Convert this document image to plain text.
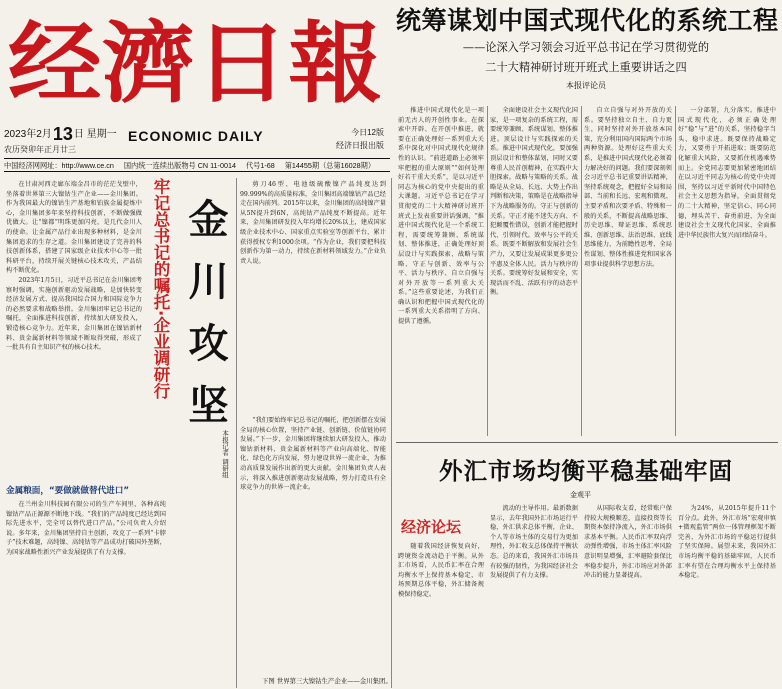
经濟日報
2023年2月13日 星期一
农历癸卯年正月廿三
ECONOMIC DAILY	今日12版
经济日报出版
中国经济网网址：http://www.ce.cn 国内统一连续出版物号 CN 11-0014 代号1-68 第14455期（总第16028期）
统筹谋划中国式现代化的系统工程
——论深入学习领会习近平总书记在学习贯彻党的
二十大精神研讨班开班式上重要讲话之四
本报评论员

推进中国式现代化是一项前无古人的开创性事业。在探索中开辟、在开创中推进，就要在正确处理好一系列重大关系中深化对中国式现代化规律性的认识。“前进道路上必须牢牢把握的重大原则”“如何处理好若干重大关系”，是以习近平同志为核心的党中央提出的重大课题。习近平总书记在学习贯彻党的二十大精神研讨班开班式上发表重要讲话强调，“推进中国式现代化是一个系统工程，需要统筹兼顾、系统谋划、整体推进，正确处理好顶层设计与实践探索、战略与策略、守正与创新、效率与公平、活力与秩序、自立自强与对外开放等一系列重大关系。”这些重要论述，为我们正确认识和把握中国式现代化的一系列重大关系指明了方向、提供了遵循。

全面建设社会主义现代化国家，是一项复杂的系统工程，需要统筹兼顾、系统谋划、整体推进。顶层设计与实践探索的关系。推进中国式现代化，要加强顶层设计和整体谋划，同时又要尊重人民首创精神，在实践中大胆探索。战略与策略的关系。战略是从全局、长远、大势上作出判断和决策，策略是在战略指导下为战略服务的。守正与创新的关系。守正才能不迷失方向、不犯颠覆性错误，创新才能把握时代、引领时代。效率与公平的关系。既要不断解放和发展社会生产力，又要让发展成果更多更公平惠及全体人民。活力与秩序的关系。要统筹好发展和安全，实现活而不乱、活跃有序的动态平衡。

自立自强与对外开放的关系。要坚持独立自主、自力更生，同时坚持对外开放基本国策，充分利用国内国际两个市场两种资源。处理好这些重大关系，是推进中国式现代化必须着力解决好的问题。我们要深刻领会习近平总书记重要讲话精神，坚持系统观念，把握好全局和局部、当前和长远、宏观和微观、主要矛盾和次要矛盾、特殊和一般的关系，不断提高战略思维、历史思维、辩证思维、系统思维、创新思维、法治思维、底线思维能力，为前瞻性思考、全局性谋划、整体性推进党和国家各项事业提供科学思想方法。

一分部署，九分落实。推进中国式现代化，必须正确处理好“稳”与“进”的关系，坚持稳字当头、稳中求进。既要保持战略定力，又要勇于开拓进取；既要防范化解重大风险，又要抓住机遇乘势而上。全党同志要更加紧密地团结在以习近平同志为核心的党中央周围，坚持以习近平新时代中国特色社会主义思想为指导，全面贯彻党的二十大精神，坚定信心、同心同德，埋头苦干、奋勇前进，为全面建设社会主义现代化国家、全面推进中华民族伟大复兴而团结奋斗。

牢记总书记的嘱托·企业调研行 金川攻坚
本报记者 调研组

在甘肃河西走廊东端金昌市的茫茫戈壁中，坐落着世界第三大镍钴生产企业——金川集团。作为我国最大的镍钴生产基地和铂族金属提炼中心，金川集团多年来坚持科技创新，不断做强做优做大。让“镍都”明珠更加闪亮，是几代金川人的使命。让金属产品行业出现多种材料，是金川集团追求的生存之道。金川集团建设了完善的科技创新体系，搭建了国家级企业技术中心等一批科研平台，持续开展关键核心技术攻关，产品结构不断优化。

2023年1月5日，习近平总书记在金川集团考察时强调，实施创新驱动发展战略，是加快转变经济发展方式、提高我国综合国力和国际竞争力的必然要求和战略举措。金川集团牢记总书记的嘱托，全面推进科技创新，持续加大研发投入，锻造核心竞争力。近年来，金川集团在镍钴新材料、贵金属新材料等领域不断取得突破，形成了一批具有自主知识产权的核心技术。

金属粮面，“要做就做替代进口”

在兰州金川科技园有限公司的生产车间里，各种高纯镍钴产品正源源不断地下线。“我们的产品纯度已经达到国际先进水平，完全可以替代进口产品。”公司负责人介绍说。多年来，金川集团坚持自主创新，攻克了一系列“卡脖子”技术难题，高纯镍、高纯钴等产品成功打破国外垄断，为国家战略性新兴产业发展提供了有力支撑。

剪刀46型、电池级硫酸镍产品纯度达到99.999%的高质量标准，金川集团高端镍钴产品已经走在国内前列。2015年以来，金川集团的高纯镍产量从5N提升到6N，高纯钴产品纯度不断提高。近年来，金川集团研发投入年均增长20%以上，建成国家级企业技术中心、国家重点实验室等创新平台，累计获得授权专利1000余项。“作为企业，我们要把科技创新作为第一动力，持续在新材料领域发力。”企业负责人说。

“我们要始终牢记总书记的嘱托，把创新摆在发展全局的核心位置，坚持产业链、创新链、价值链协同发展。”下一步，金川集团将继续加大研发投入，推动镍钴新材料、贵金属新材料等产业向高端化、智能化、绿色化方向发展，努力建设世界一流企业，为推动高质量发展作出新的更大贡献。金川集团负责人表示，将深入推进创新驱动发展战略，努力打造具有全球竞争力的世界一流企业。

下图 世界第三大镍钴生产企业——金川集团。
外汇市场均衡平稳基础牢固
金观平
经济论坛

随着我国经济恢复向好，跨境资金流动趋于平衡。从外汇市场看，人民币汇率在合理均衡水平上保持基本稳定，市场预期总体平稳，外汇储备规模保持稳定。

流动的主导作用。最新数据显示，去年我国外汇市场运行平稳，外汇供求总体平衡，企业、个人等市场主体的交易行为更加理性，外汇收支总体保持平衡状态。总的来看，我国外汇市场具有较强的韧性，为我国经济社会发展提供了有力支撑。

从国际收支看，经常账户保持较大规模顺差，直接投资等长期资本保持净流入，外汇市场供求基本平衡。人民币汇率双向浮动弹性增强，市场主体汇率风险意识明显增强，汇率避险套保比率稳步提升，外汇市场应对外部冲击的能力显著提高。

为24%，从2015年提升11个百分点。此外，外汇市场“宏观审慎+微观监管”两位一体管理框架不断完善，为外汇市场的平稳运行提供了坚实保障。展望未来，我国外汇市场均衡平稳的基础牢固，人民币汇率有望在合理均衡水平上保持基本稳定。
